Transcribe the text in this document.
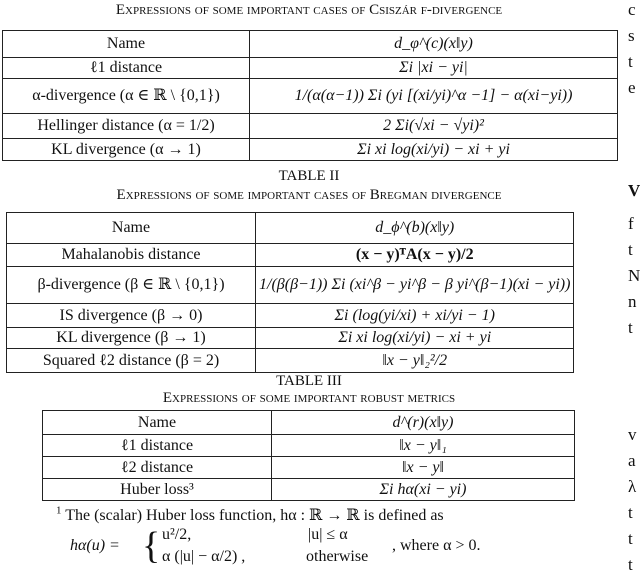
Expressions of some important cases of Csiszár f-divergence
Name	d_φ^(c)(x‖y)
ℓ1 distance	Σi |xi − yi|
α-divergence (α ∈ ℝ \ {0,1})	1/(α(α−1)) Σi (yi [(xi/yi)^α −1] − α(xi−yi))
Hellinger distance (α = 1/2)	2 Σi(√xi − √yi)²
KL divergence (α → 1)	Σi xi log(xi/yi) − xi + yi
TABLE II
Expressions of some important cases of Bregman divergence
Name	d_ϕ^(b)(x‖y)
Mahalanobis distance	(x − y)ᵀA(x − y)/2
β-divergence (β ∈ ℝ \ {0,1})	1/(β(β−1)) Σi (xi^β − yi^β − β yi^(β−1)(xi − yi))
IS divergence (β → 0)	Σi (log(yi/xi) + xi/yi − 1)
KL divergence (β → 1)	Σi xi log(xi/yi) − xi + yi
Squared ℓ2 distance (β = 2)	‖x − y‖₂²/2
TABLE III
Expressions of some important robust metrics
Name	d^(r)(x‖y)
ℓ1 distance	‖x − y‖₁
ℓ2 distance	‖x − y‖
Huber loss³	Σi hα(xi − yi)
$^1$ The (scalar) Huber loss function, hα : ℝ → ℝ is defined as
hα(u) = { u²/2,	|u| ≤ α
α (|u| − α/2) ,	otherwise
, where α > 0.
c
s
t
e
V
f
t
N
n
t
v
a
λ
t
t
t
